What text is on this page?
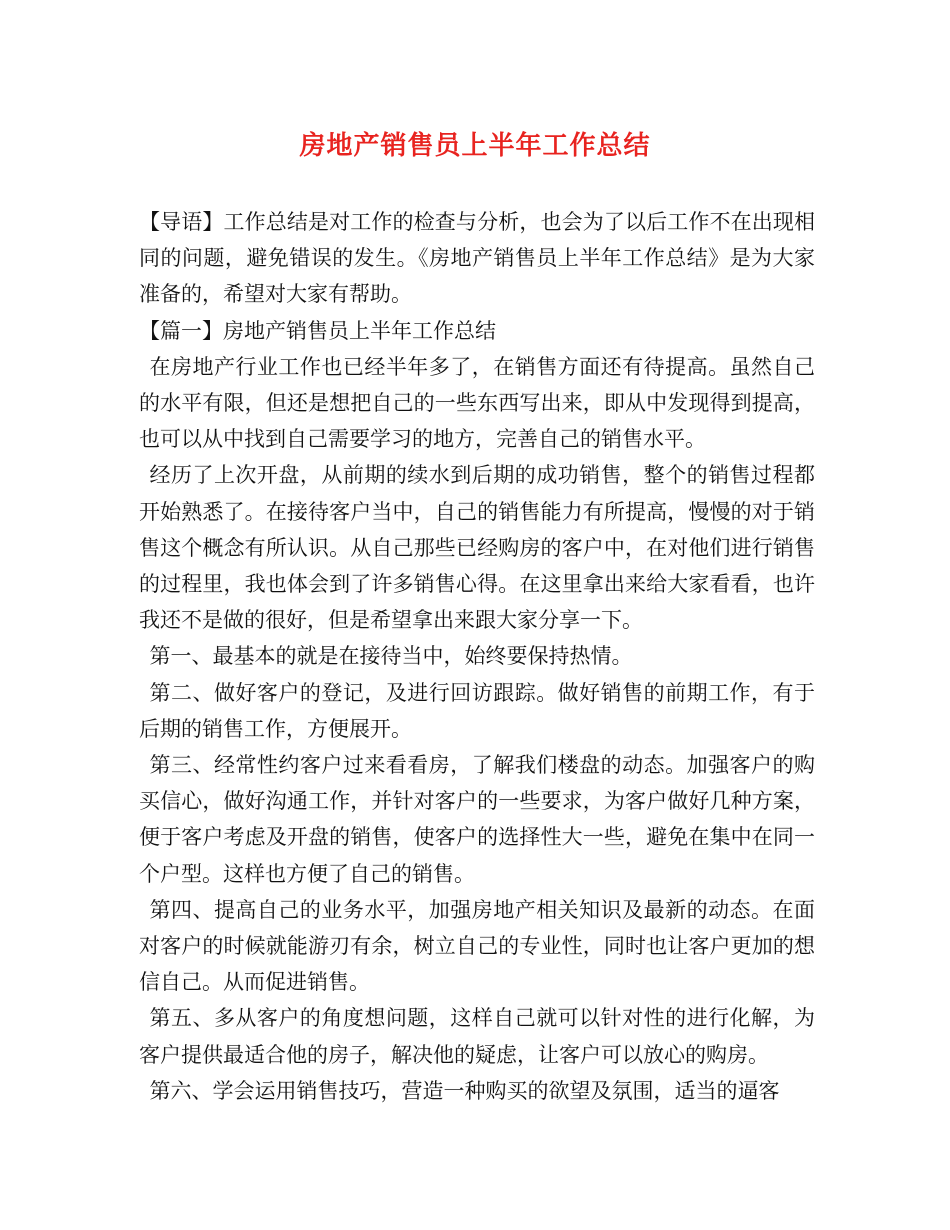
房地产销售员上半年工作总结

【导语】工作总结是对工作的检查与分析，也会为了以后工作不在出现相同的问题，避免错误的发生。《房地产销售员上半年工作总结》是为大家准备的，希望对大家有帮助。

【篇一】房地产销售员上半年工作总结

在房地产行业工作也已经半年多了，在销售方面还有待提高。虽然自己的水平有限，但还是想把自己的一些东西写出来，即从中发现得到提高，也可以从中找到自己需要学习的地方，完善自己的销售水平。

经历了上次开盘，从前期的续水到后期的成功销售，整个的销售过程都开始熟悉了。在接待客户当中，自己的销售能力有所提高，慢慢的对于销售这个概念有所认识。从自己那些已经购房的客户中，在对他们进行销售的过程里，我也体会到了许多销售心得。在这里拿出来给大家看看，也许我还不是做的很好，但是希望拿出来跟大家分享一下。

第一、最基本的就是在接待当中，始终要保持热情。

第二、做好客户的登记，及进行回访跟踪。做好销售的前期工作，有于后期的销售工作，方便展开。

第三、经常性约客户过来看看房，了解我们楼盘的动态。加强客户的购买信心，做好沟通工作，并针对客户的一些要求，为客户做好几种方案，便于客户考虑及开盘的销售，使客户的选择性大一些，避免在集中在同一个户型。这样也方便了自己的销售。

第四、提高自己的业务水平，加强房地产相关知识及最新的动态。在面对客户的时候就能游刃有余，树立自己的专业性，同时也让客户更加的想信自己。从而促进销售。

第五、多从客户的角度想问题，这样自己就可以针对性的进行化解，为客户提供最适合他的房子，解决他的疑虑，让客户可以放心的购房。

第六、学会运用销售技巧，营造一种购买的欲望及氛围，适当的逼客
